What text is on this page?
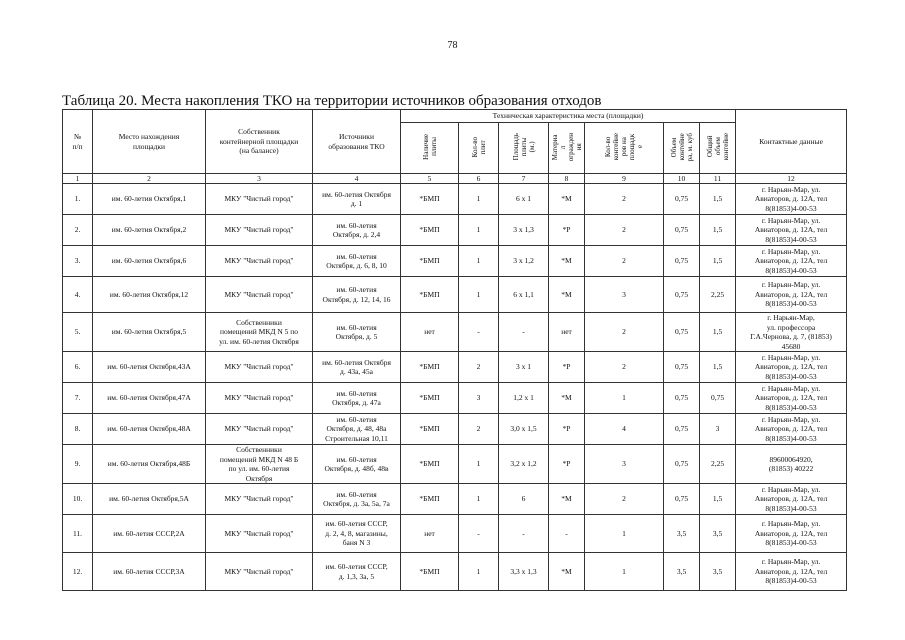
78
Таблица 20. Места накопления ТКО на территории источников образования отходов
№
п/п	Место нахождения
площадки	Собственник
контейнерной площадки
(на балансе)	Источники
образования ТКО	Техническая характеристика места (площадки)							Контактные данные
				Наличие
плиты	Кол-во
плит	Площадь
плиты
(м.)	Материа
л
огражден
ия	Кол-во
контейне
ров на
площадк
е	Объем
контейне
ра, м. куб	Общий
объем
контейне	
1	2	3	4	5	6	7	8	9	10	11	12
1.	им. 60-летия Октября,1	МКУ "Чистый город"	им. 60-летия Октября
д. 1	*БМП	1	6 х 1	*М	2	0,75	1,5	г. Нарьян-Мар, ул.
Авиаторов, д. 12А, тел
8(81853)4-00-53
2.	им. 60-летия Октября,2	МКУ "Чистый город"	им. 60-летия
Октября, д. 2,4	*БМП	1	3 х 1,3	*Р	2	0,75	1,5	г. Нарьян-Мар, ул.
Авиаторов, д. 12А, тел
8(81853)4-00-53
3.	им. 60-летия Октября,6	МКУ "Чистый город"	им. 60-летия
Октября, д. 6, 8, 10	*БМП	1	3 х 1,2	*М	2	0,75	1,5	г. Нарьян-Мар, ул.
Авиаторов, д. 12А, тел
8(81853)4-00-53
4.	им. 60-летия Октября,12	МКУ "Чистый город"	им. 60-летия
Октября, д. 12, 14, 16	*БМП	1	6 х 1,1	*М	3	0,75	2,25	г. Нарьян-Мар, ул.
Авиаторов, д. 12А, тел
8(81853)4-00-53
5.	им. 60-летия Октября,5	Собственники
помещений МКД N 5 по
ул. им. 60-летия Октября	им. 60-летия
Октября, д. 5	нет	-	-	нет	2	0,75	1,5	г. Нарьян-Мар,
ул. профессора
Г.А.Чернова, д. 7, (81853)
45680
6.	им. 60-летия Октября,43А	МКУ "Чистый город"	им. 60-летия Октября
д. 43а, 45а	*БМП	2	3 х 1	*Р	2	0,75	1,5	г. Нарьян-Мар, ул.
Авиаторов, д. 12А, тел
8(81853)4-00-53
7.	им. 60-летия Октября,47А	МКУ "Чистый город"	им. 60-летия
Октября, д. 47а	*БМП	3	1,2 х 1	*М	1	0,75	0,75	г. Нарьян-Мар, ул.
Авиаторов, д. 12А, тел
8(81853)4-00-53
8.	им. 60-летия Октября,48А	МКУ "Чистый город"	им. 60-летия
Октября, д. 48, 48а
Строительная 10,11	*БМП	2	3,0 х 1,5	*Р	4	0,75	3	г. Нарьян-Мар, ул.
Авиаторов, д. 12А, тел
8(81853)4-00-53
9.	им. 60-летия Октября,48Б	Собственники
помещений МКД N 48 Б
по ул. им. 60-летия
Октября	им. 60-летия
Октября, д. 48б, 48в	*БМП	1	3,2 х 1,2	*Р	3	0,75	2,25	89600064920,
(81853) 40222
10.	им. 60-летия Октября,5А	МКУ "Чистый город"	им. 60-летия
Октября, д. 3а, 5а, 7а	*БМП	1	6	*М	2	0,75	1,5	г. Нарьян-Мар, ул.
Авиаторов, д. 12А, тел
8(81853)4-00-53
11.	им. 60-летия СССР,2А	МКУ "Чистый город"	им. 60-летия СССР,
д. 2, 4, 8, магазины,
баня N 3	нет	-	-	-	1	3,5	3,5	г. Нарьян-Мар, ул.
Авиаторов, д. 12А, тел
8(81853)4-00-53
12.	им. 60-летия СССР,3А	МКУ "Чистый город"	им. 60-летия СССР,
д. 1,3, 3а, 5	*БМП	1	3,3 х 1,3	*М	1	3,5	3,5	г. Нарьян-Мар, ул.
Авиаторов, д. 12А, тел
8(81853)4-00-53
